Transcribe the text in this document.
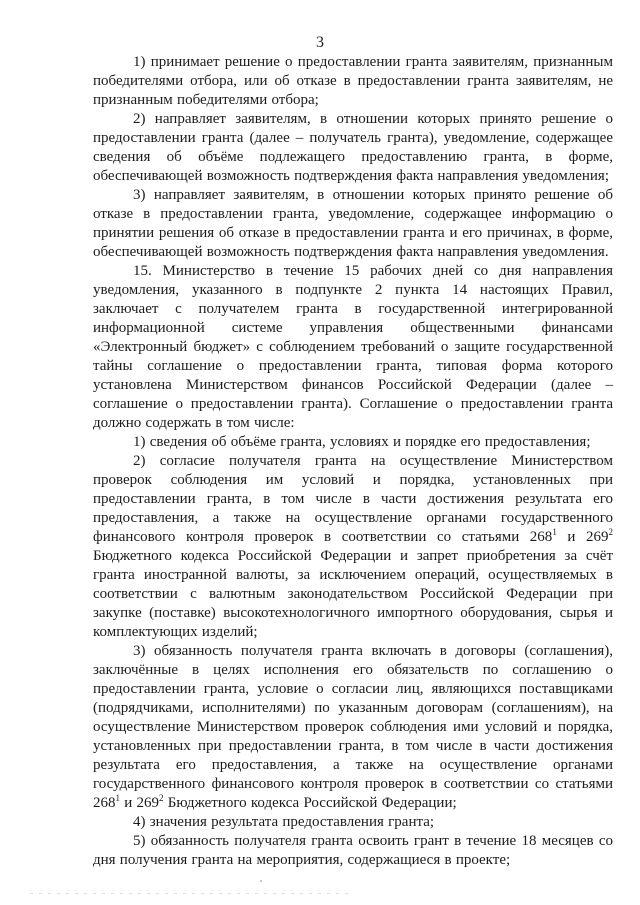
3

1) принимает решение о предоставлении гранта заявителям, признанным победителями отбора, или об отказе в предоставлении гранта заявителям, не признанным победителями отбора;

2) направляет заявителям, в отношении которых принято решение о предоставлении гранта (далее – получатель гранта), уведомление, содержащее сведения об объёме подлежащего предоставлению гранта, в форме, обеспечивающей возможность подтверждения факта направления уведомления;

3) направляет заявителям, в отношении которых принято решение об отказе в предоставлении гранта, уведомление, содержащее информацию о принятии решения об отказе в предоставлении гранта и его причинах, в форме, обеспечивающей возможность подтверждения факта направления уведомления.

15. Министерство в течение 15 рабочих дней со дня направления уведомления, указанного в подпункте 2 пункта 14 настоящих Правил, заключает с получателем гранта в государственной интегрированной информационной системе управления общественными финансами «Электронный бюджет» с соблюдением требований о защите государственной тайны соглашение о предоставлении гранта, типовая форма которого установлена Министерством финансов Российской Федерации (далее – соглашение о предоставлении гранта). Соглашение о предоставлении гранта должно содержать в том числе:

1) сведения об объёме гранта, условиях и порядке его предоставления;

2) согласие получателя гранта на осуществление Министерством проверок соблюдения им условий и порядка, установленных при предоставлении гранта, в том числе в части достижения результата его предоставления, а также на осуществление органами государственного финансового контроля проверок в соответствии со статьями $268^1$ и $269^2$ Бюджетного кодекса Российской Федерации и запрет приобретения за счёт гранта иностранной валюты, за исключением операций, осуществляемых в соответствии с валютным законодательством Российской Федерации при закупке (поставке) высокотехнологичного импортного оборудования, сырья и комплектующих изделий;

3) обязанность получателя гранта включать в договоры (соглашения), заключённые в целях исполнения его обязательств по соглашению о предоставлении гранта, условие о согласии лиц, являющихся поставщиками (подрядчиками, исполнителями) по указанным договорам (соглашениям), на осуществление Министерством проверок соблюдения ими условий и порядка, установленных при предоставлении гранта, в том числе в части достижения результата его предоставления, а также на осуществление органами государственного финансового контроля проверок в соответствии со статьями $268^1$ и $269^2$ Бюджетного кодекса Российской Федерации;

4) значения результата предоставления гранта;

5) обязанность получателя гранта освоить грант в течение 18 месяцев со дня получения гранта на мероприятия, содержащиеся в проекте;
